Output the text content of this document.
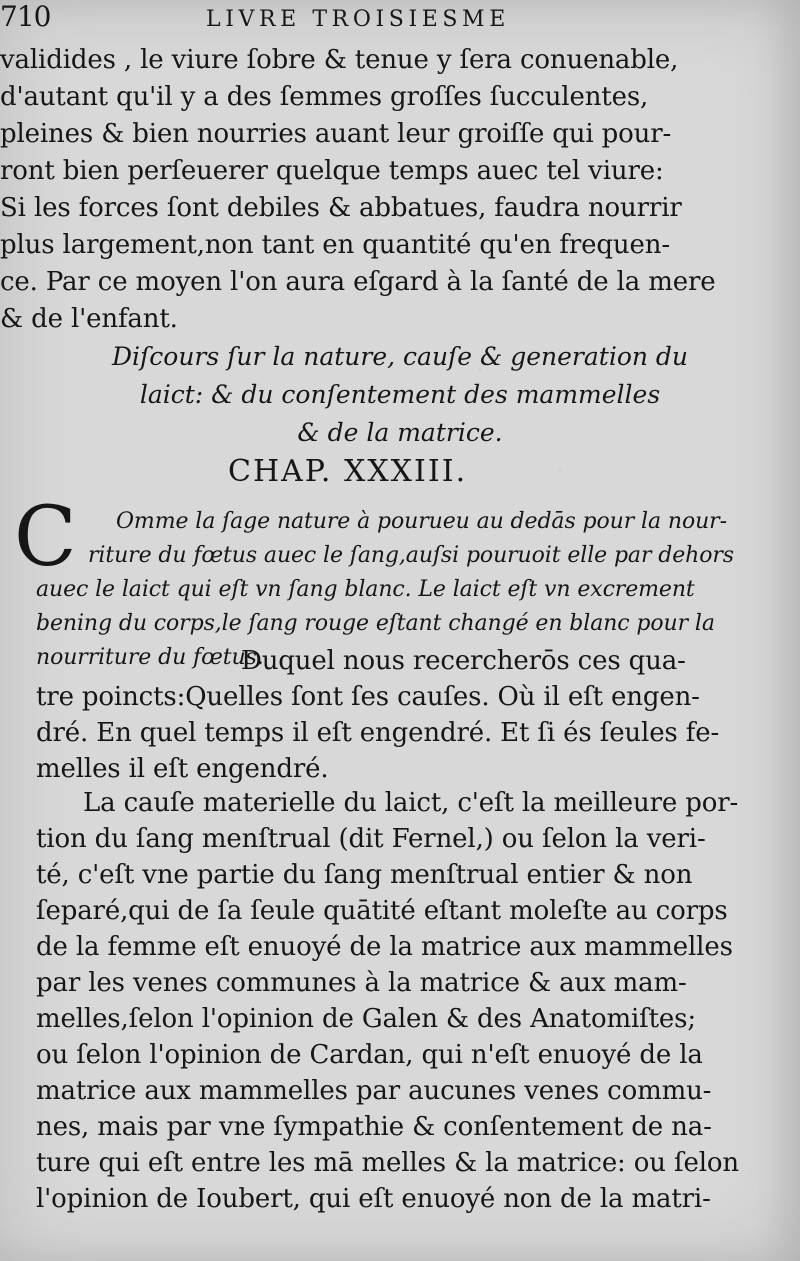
710	LIVRE TROISIESME
validides , le viure ſobre & tenue y ſera conuenable,
d'autant qu'il y a des ſemmes groſſes ſucculentes,
pleines & bien nourries auant leur groiſſe qui pour-
ront bien perſeuerer quelque temps auec tel viure:
Si les forces ſont debiles & abbatues, faudra nourrir
plus largement,non tant en quantité qu'en frequen-
ce. Par ce moyen l'on aura eſgard à la ſanté de la mere
& de l'enfant.
Diſcours ſur la nature, cauſe & generation du
laict: & du conſentement des mammelles
& de la matrice.
CHAP. XXXIII.
C	Omme la ſage nature à pourueu au dedās pour la nour-
riture du fœtus auec le ſang,auſsi pouruoit elle par dehors
auec le laict qui eſt vn ſang blanc. Le laict eſt vn excrement
bening du corps,le ſang rouge eſtant changé en blanc pour la
nourriture du fœtus.
Duquel nous recercherōs ces qua-
tre poincts:Quelles ſont ſes cauſes. Où il eſt engen-
dré. En quel temps il eſt engendré. Et ſi és ſeules fe-
melles il eſt engendré.
La cauſe materielle du laict, c'eſt la meilleure por-
tion du ſang menſtrual (dit Fernel,) ou ſelon la veri-
té, c'eſt vne partie du ſang menſtrual entier & non
ſeparé,qui de ſa ſeule quātité eſtant moleſte au corps
de la femme eſt enuoyé de la matrice aux mammelles
par les venes communes à la matrice & aux mam-
melles,ſelon l'opinion de Galen & des Anatomiſtes;
ou ſelon l'opinion de Cardan, qui n'eſt enuoyé de la
matrice aux mammelles par aucunes venes commu-
nes, mais par vne ſympathie & conſentement de na-
ture qui eſt entre les mā melles & la matrice: ou ſelon
l'opinion de Ioubert, qui eſt enuoyé non de la matri-
